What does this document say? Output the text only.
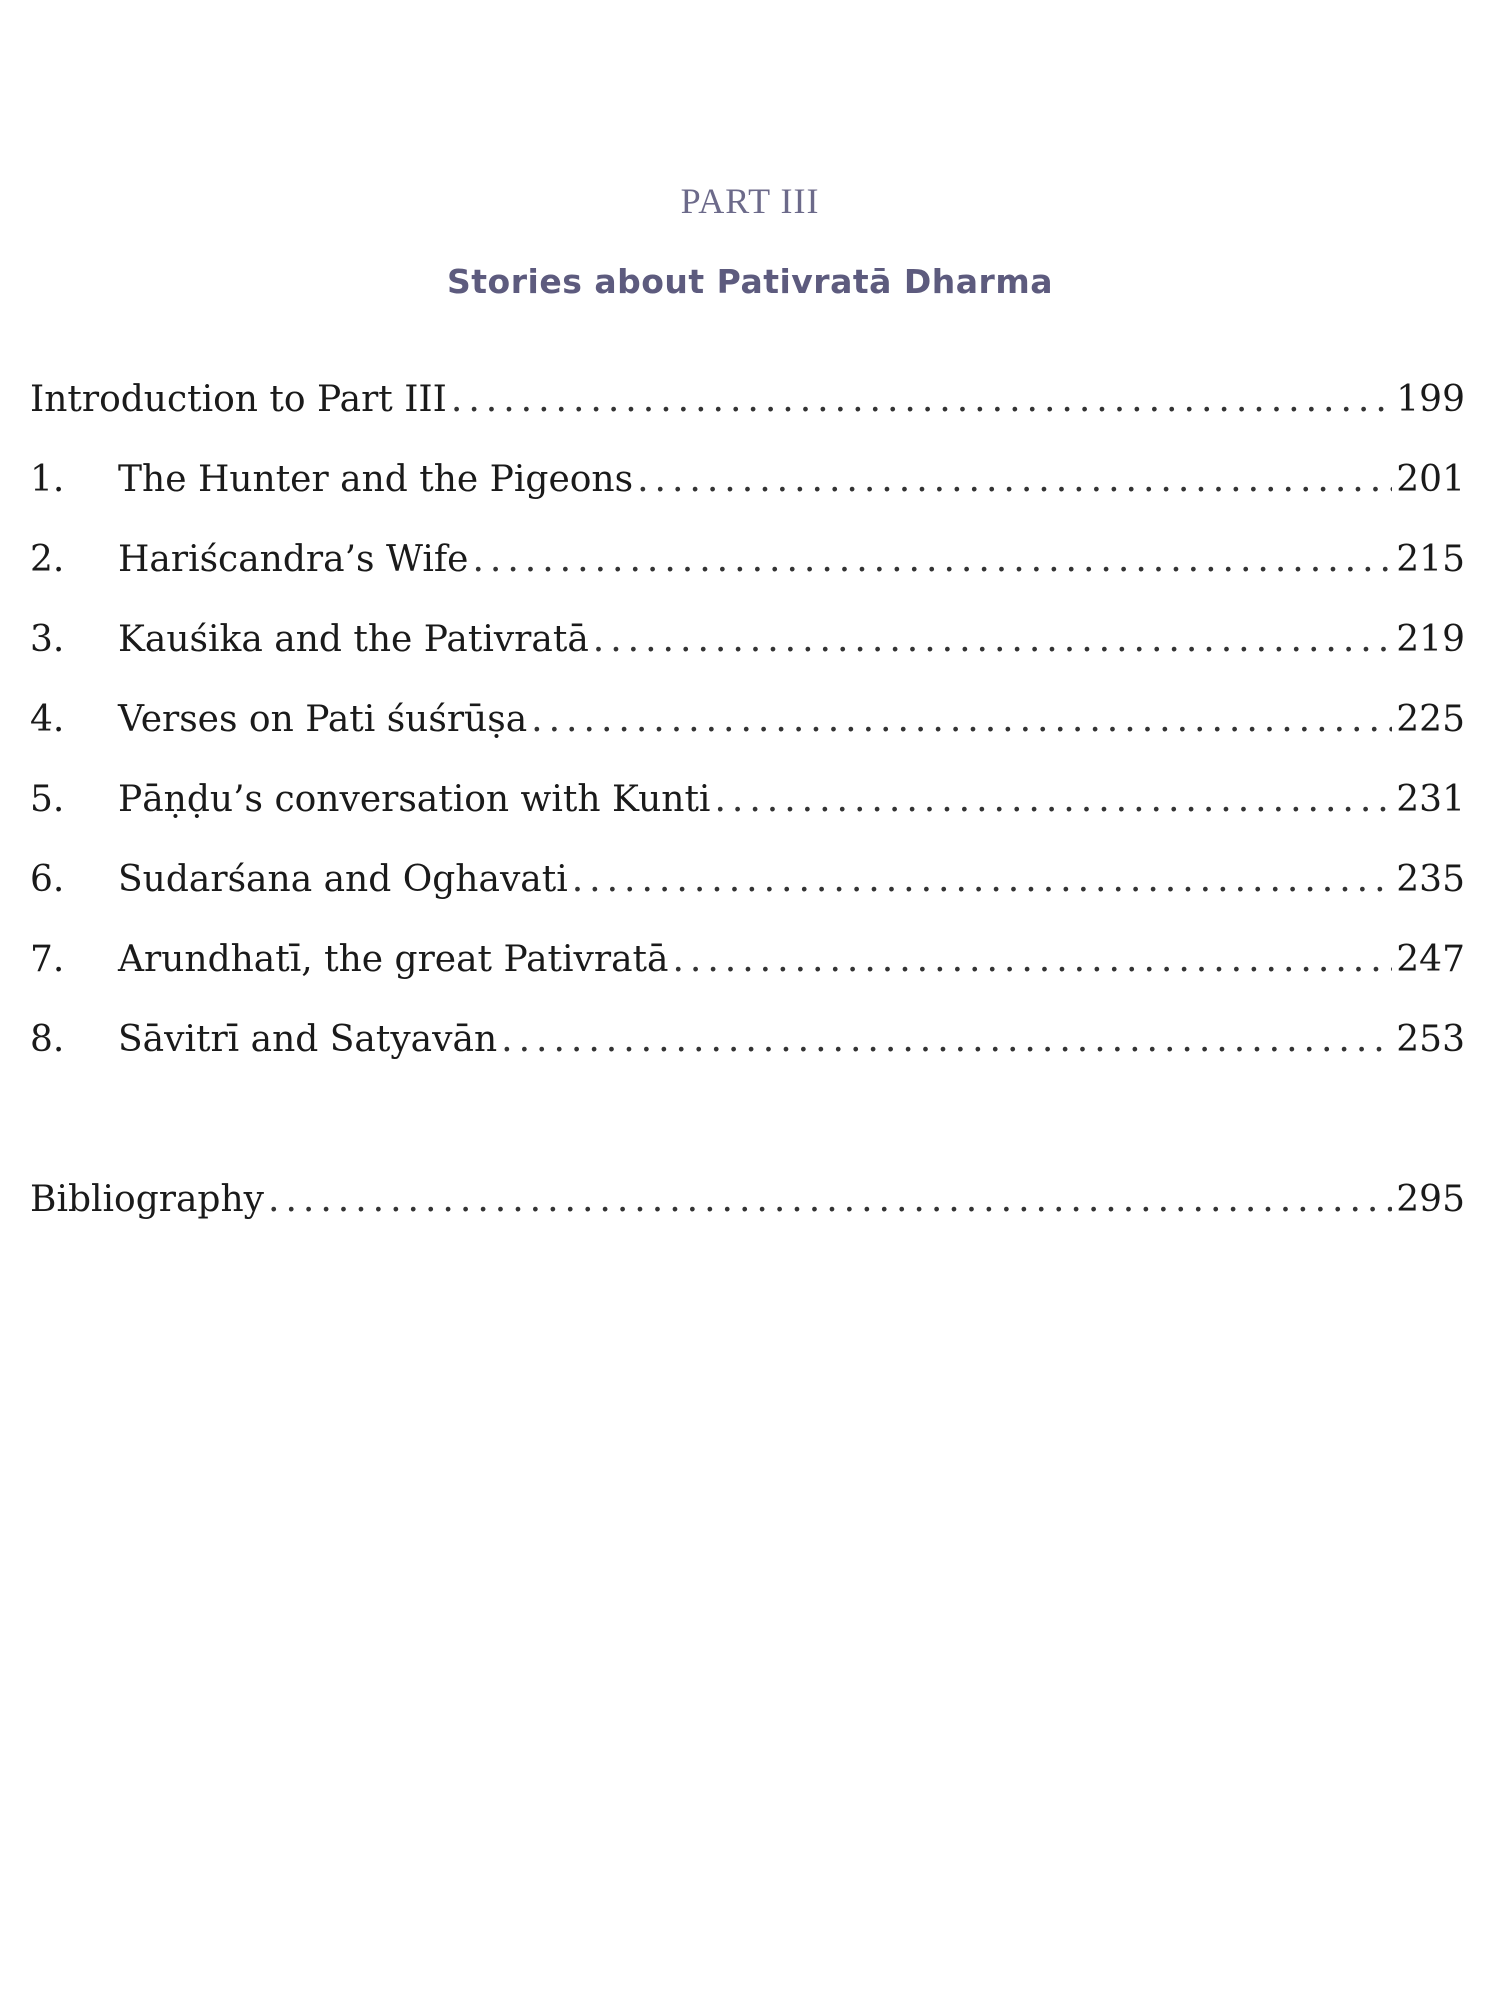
PART III
Stories about Pativratā Dharma
Introduction to Part III .....	199
1.	The Hunter and the Pigeons .....	201
2.	Hariścandra’s Wife .....	215
3.	Kauśika and the Pativratā .....	219
4.	Verses on Pati śuśrūṣa .....	225
5.	Pāṇḍu’s conversation with Kunti .....	231
6.	Sudarśana and Oghavati .....	235
7.	Arundhatī, the great Pativratā .....	247
8.	Sāvitrī and Satyavān .....	253
Bibliography .....	295
